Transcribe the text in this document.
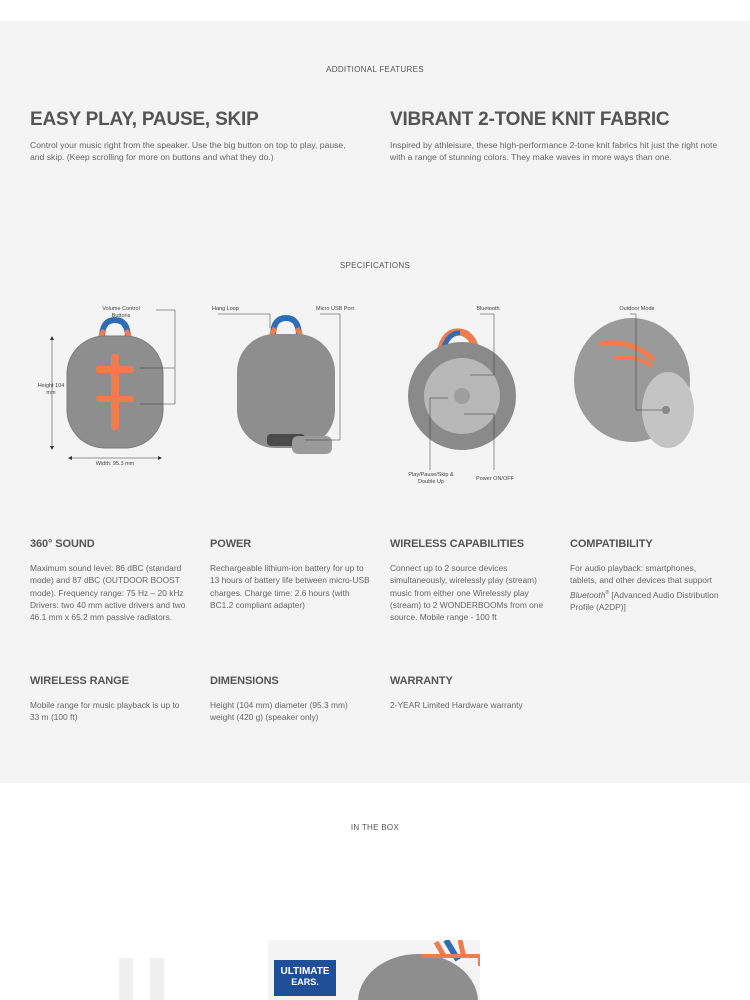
ADDITIONAL FEATURES
EASY PLAY, PAUSE, SKIP

Control your music right from the speaker. Use the big button on top to play, pause, and skip. (Keep scrolling for more on buttons and what they do.)

VIBRANT 2-TONE KNIT FABRIC

Inspired by athleisure, these high-performance 2-tone knit fabrics hit just the right note with a range of stunning colors. They make waves in more ways than one.

SPECIFICATIONS
Volume Control Buttons
Height 104 mm
Width: 95.3 mm
Hang Loop	Micro USB Port	Bluetooth
Play/Pause/Skip & Double Up	Power ON/OFF
Outdoor Mode
360° SOUND

Maximum sound level: 86 dBC (standard mode) and 87 dBC (OUTDOOR BOOST mode). Frequency range: 75 Hz – 20 kHz Drivers: two 40 mm active drivers and two 46.1 mm x 65.2 mm passive radiators.

POWER

Rechargeable lithium-ion battery for up to 13 hours of battery life between micro-USB charges. Charge time: 2.6 hours (with BC1.2 compliant adapter)

WIRELESS CAPABILITIES

Connect up to 2 source devices simultaneously, wirelessly play (stream) music from either one Wirelessly play (stream) to 2 WONDERBOOMs from one source. Mobile range - 100 ft

COMPATIBILITY

For audio playback: smartphones, tablets, and other devices that support Bluetooth® [Advanced Audio Distribution Profile (A2DP)]

WIRELESS RANGE

Mobile range for music playback is up to 33 m (100 ft)

DIMENSIONS

Height (104 mm) diameter (95.3 mm) weight (420 g) (speaker only)

WARRANTY

2-YEAR Limited Hardware warranty

IN THE BOX
ULTIMATE
EARS.
